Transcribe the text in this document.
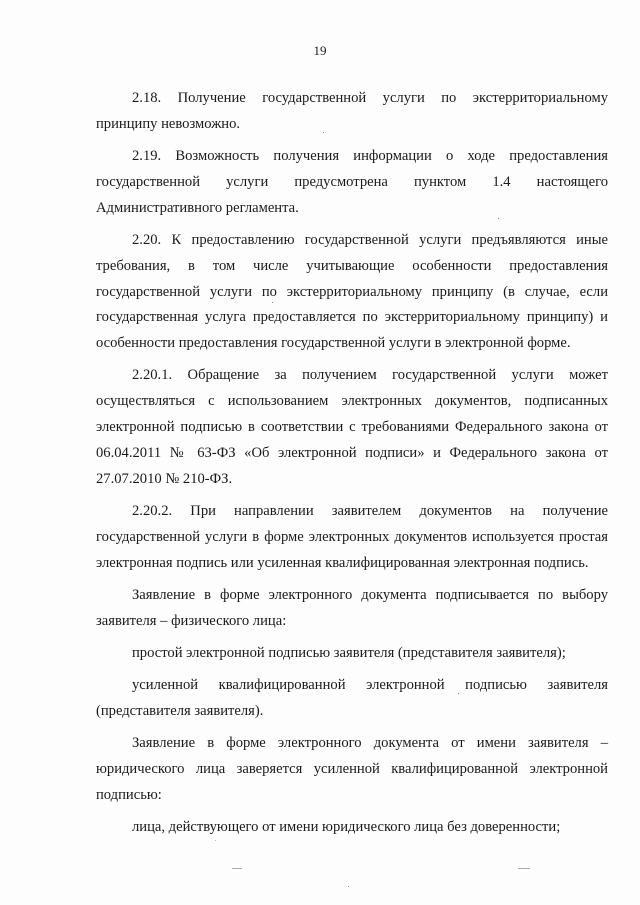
19

2.18. Получение государственной услуги по экстерриториальному принципу невозможно.

2.19. Возможность получения информации о ходе предоставления государственной услуги предусмотрена пунктом 1.4 настоящего Административного регламента.

2.20. К предоставлению государственной услуги предъявляются иные требования, в том числе учитывающие особенности предоставления государственной услуги по экстерриториальному принципу (в случае, если государственная услуга предоставляется по экстерриториальному принципу) и особенности предоставления государственной услуги в электронной форме.

2.20.1. Обращение за получением государственной услуги может осуществляться с использованием электронных документов, подписанных электронной подписью в соответствии с требованиями Федерального закона от 06.04.2011 № 63-ФЗ «Об электронной подписи» и Федерального закона от 27.07.2010 № 210-ФЗ.

2.20.2. При направлении заявителем документов на получение государственной услуги в форме электронных документов используется простая электронная подпись или усиленная квалифицированная электронная подпись.

Заявление в форме электронного документа подписывается по выбору заявителя – физического лица:

простой электронной подписью заявителя (представителя заявителя);

усиленной квалифицированной электронной подписью заявителя (представителя заявителя).

Заявление в форме электронного документа от имени заявителя – юридического лица заверяется усиленной квалифицированной электронной подписью:

лица, действующего от имени юридического лица без доверенности;
